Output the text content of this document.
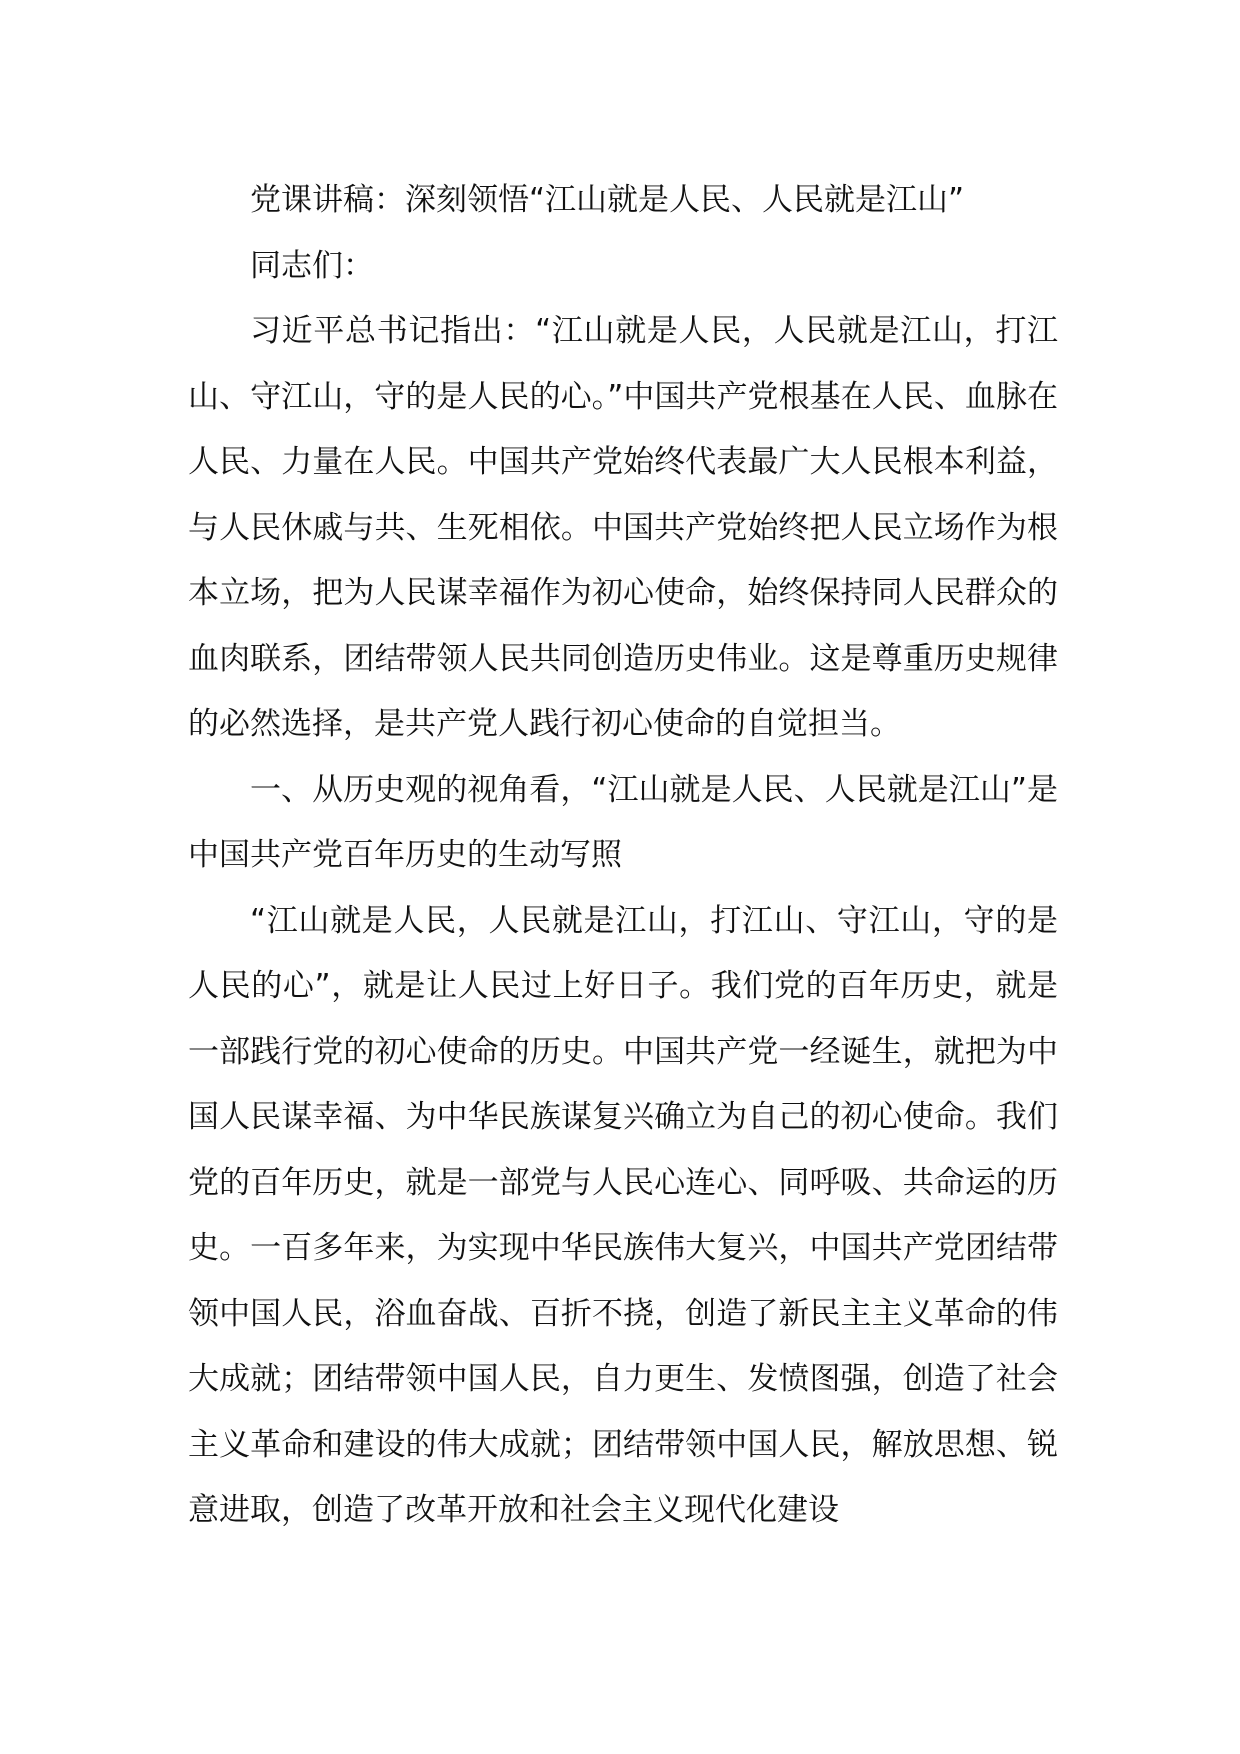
党课讲稿：深刻领悟“江山就是人民、人民就是江山”

同志们：

习近平总书记指出：“江山就是人民，人民就是江山，打江山、守江山，守的是人民的心。”中国共产党根基在人民、血脉在人民、力量在人民。中国共产党始终代表最广大人民根本利益，与人民休戚与共、生死相依。中国共产党始终把人民立场作为根本立场，把为人民谋幸福作为初心使命，始终保持同人民群众的血肉联系，团结带领人民共同创造历史伟业。这是尊重历史规律的必然选择，是共产党人践行初心使命的自觉担当。

一、从历史观的视角看，“江山就是人民、人民就是江山”是中国共产党百年历史的生动写照

“江山就是人民，人民就是江山，打江山、守江山，守的是人民的心”，就是让人民过上好日子。我们党的百年历史，就是一部践行党的初心使命的历史。中国共产党一经诞生，就把为中国人民谋幸福、为中华民族谋复兴确立为自己的初心使命。我们党的百年历史，就是一部党与人民心连心、同呼吸、共命运的历史。一百多年来，为实现中华民族伟大复兴，中国共产党团结带领中国人民，浴血奋战、百折不挠，创造了新民主主义革命的伟大成就；团结带领中国人民，自力更生、发愤图强，创造了社会主义革命和建设的伟大成就；团结带领中国人民，解放思想、锐意进取，创造了改革开放和社会主义现代化建设
